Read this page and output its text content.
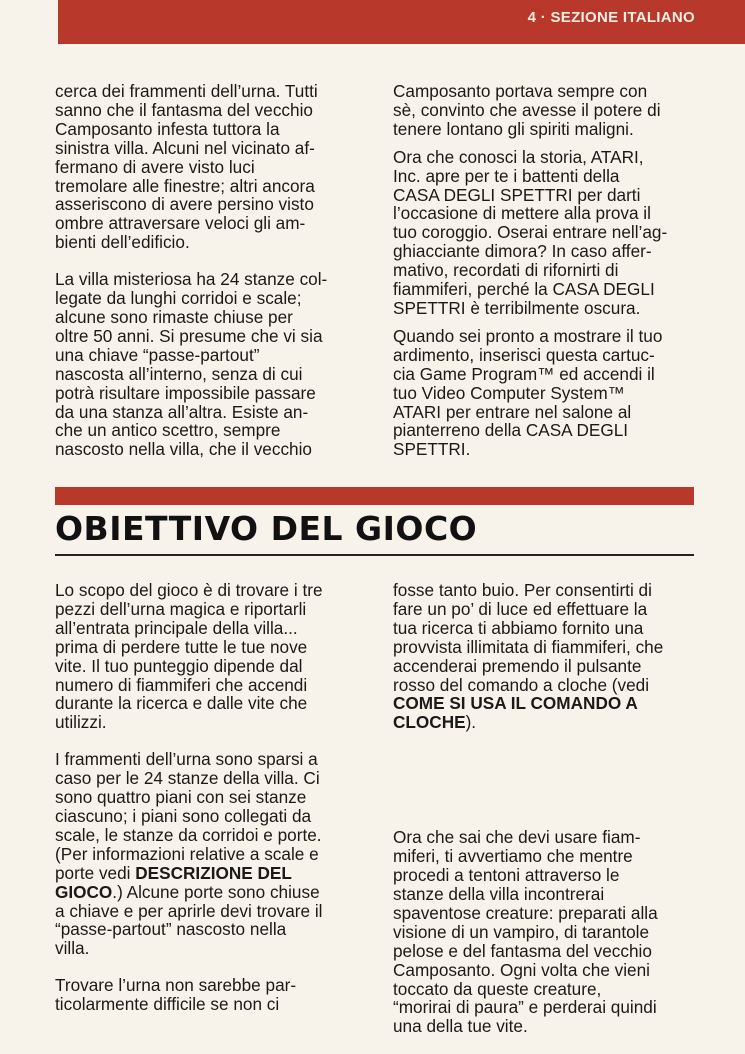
4 · SEZIONE ITALIANO

cerca dei frammenti dell’urna. Tutti
sanno che il fantasma del vecchio
Camposanto infesta tuttora la
sinistra villa. Alcuni nel vicinato af-
fermano di avere visto luci
tremolare alle finestre; altri ancora
asseriscono di avere persino visto
ombre attraversare veloci gli am-
bienti dell’edificio.

La villa misteriosa ha 24 stanze col-
legate da lunghi corridoi e scale;
alcune sono rimaste chiuse per
oltre 50 anni. Si presume che vi sia
una chiave “passe-partout”
nascosta all’interno, senza di cui
potrà risultare impossibile passare
da una stanza all’altra. Esiste an-
che un antico scettro, sempre
nascosto nella villa, che il vecchio

Camposanto portava sempre con
sè, convinto che avesse il potere di
tenere lontano gli spiriti maligni.

Ora che conosci la storia, ATARI,
Inc. apre per te i battenti della
CASA DEGLI SPETTRI per darti
l’occasione di mettere alla prova il
tuo coroggio. Oserai entrare nell’ag-
ghiacciante dimora? In caso affer-
mativo, recordati di rifornirti di
fiammiferi, perché la CASA DEGLI
SPETTRI è terribilmente oscura.

Quando sei pronto a mostrare il tuo
ardimento, inserisci questa cartuc-
cia Game Program™ ed accendi il
tuo Video Computer System™
ATARI per entrare nel salone al
pianterreno della CASA DEGLI
SPETTRI.

OBIETTIVO DEL GIOCO

Lo scopo del gioco è di trovare i tre
pezzi dell’urna magica e riportarli
all’entrata principale della villa...
prima di perdere tutte le tue nove
vite. Il tuo punteggio dipende dal
numero di fiammiferi che accendi
durante la ricerca e dalle vite che
utilizzi.

I frammenti dell’urna sono sparsi a
caso per le 24 stanze della villa. Ci
sono quattro piani con sei stanze
ciascuno; i piani sono collegati da
scale, le stanze da corridoi e porte.
(Per informazioni relative a scale e
porte vedi DESCRIZIONE DEL
GIOCO.) Alcune porte sono chiuse
a chiave e per aprirle devi trovare il
“passe-partout” nascosto nella
villa.

Trovare l’urna non sarebbe par-
ticolarmente difficile se non ci

fosse tanto buio. Per consentirti di
fare un po’ di luce ed effettuare la
tua ricerca ti abbiamo fornito una
provvista illimitata di fiammiferi, che
accenderai premendo il pulsante
rosso del comando a cloche (vedi
COME SI USA IL COMANDO A
CLOCHE).

Ora che sai che devi usare fiam-
miferi, ti avvertiamo che mentre
procedi a tentoni attraverso le
stanze della villa incontrerai
spaventose creature: preparati alla
visione di un vampiro, di tarantole
pelose e del fantasma del vecchio
Camposanto. Ogni volta che vieni
toccato da queste creature,
“morirai di paura” e perderai quindi
una della tue vite.
